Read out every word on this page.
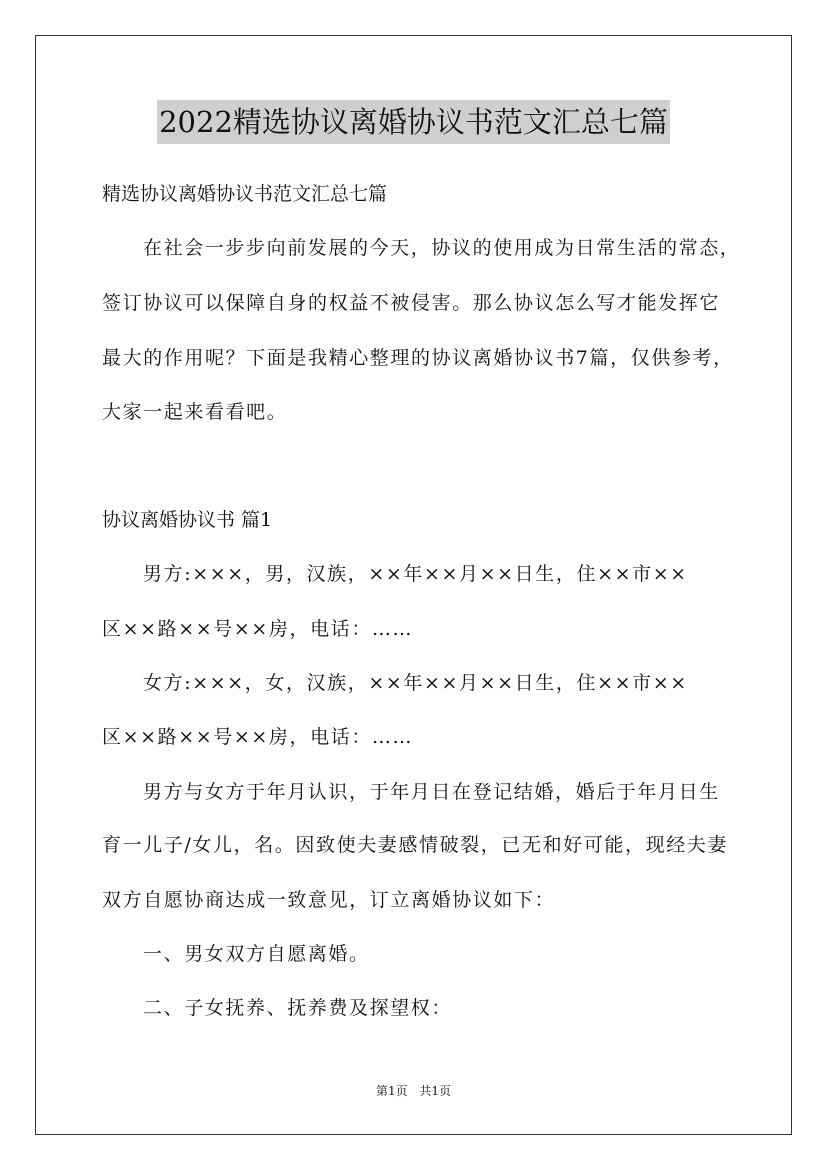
2022精选协议离婚协议书范文汇总七篇
精选协议离婚协议书范文汇总七篇
在社会一步步向前发展的今天，协议的使用成为日常生活的常态，
签订协议可以保障自身的权益不被侵害。那么协议怎么写才能发挥它
最大的作用呢？下面是我精心整理的协议离婚协议书7篇，仅供参考，
大家一起来看看吧。
协议离婚协议书 篇1
男方:×××，男，汉族，××年××月××日生，住××市××
区××路××号××房，电话：……
女方:×××，女，汉族，××年××月××日生，住××市××
区××路××号××房，电话：……
男方与女方于年月认识，于年月日在登记结婚，婚后于年月日生
育一儿子/女儿，名。因致使夫妻感情破裂，已无和好可能，现经夫妻
双方自愿协商达成一致意见，订立离婚协议如下：
一、男女双方自愿离婚。
二、子女抚养、抚养费及探望权：
第1页 共1页
